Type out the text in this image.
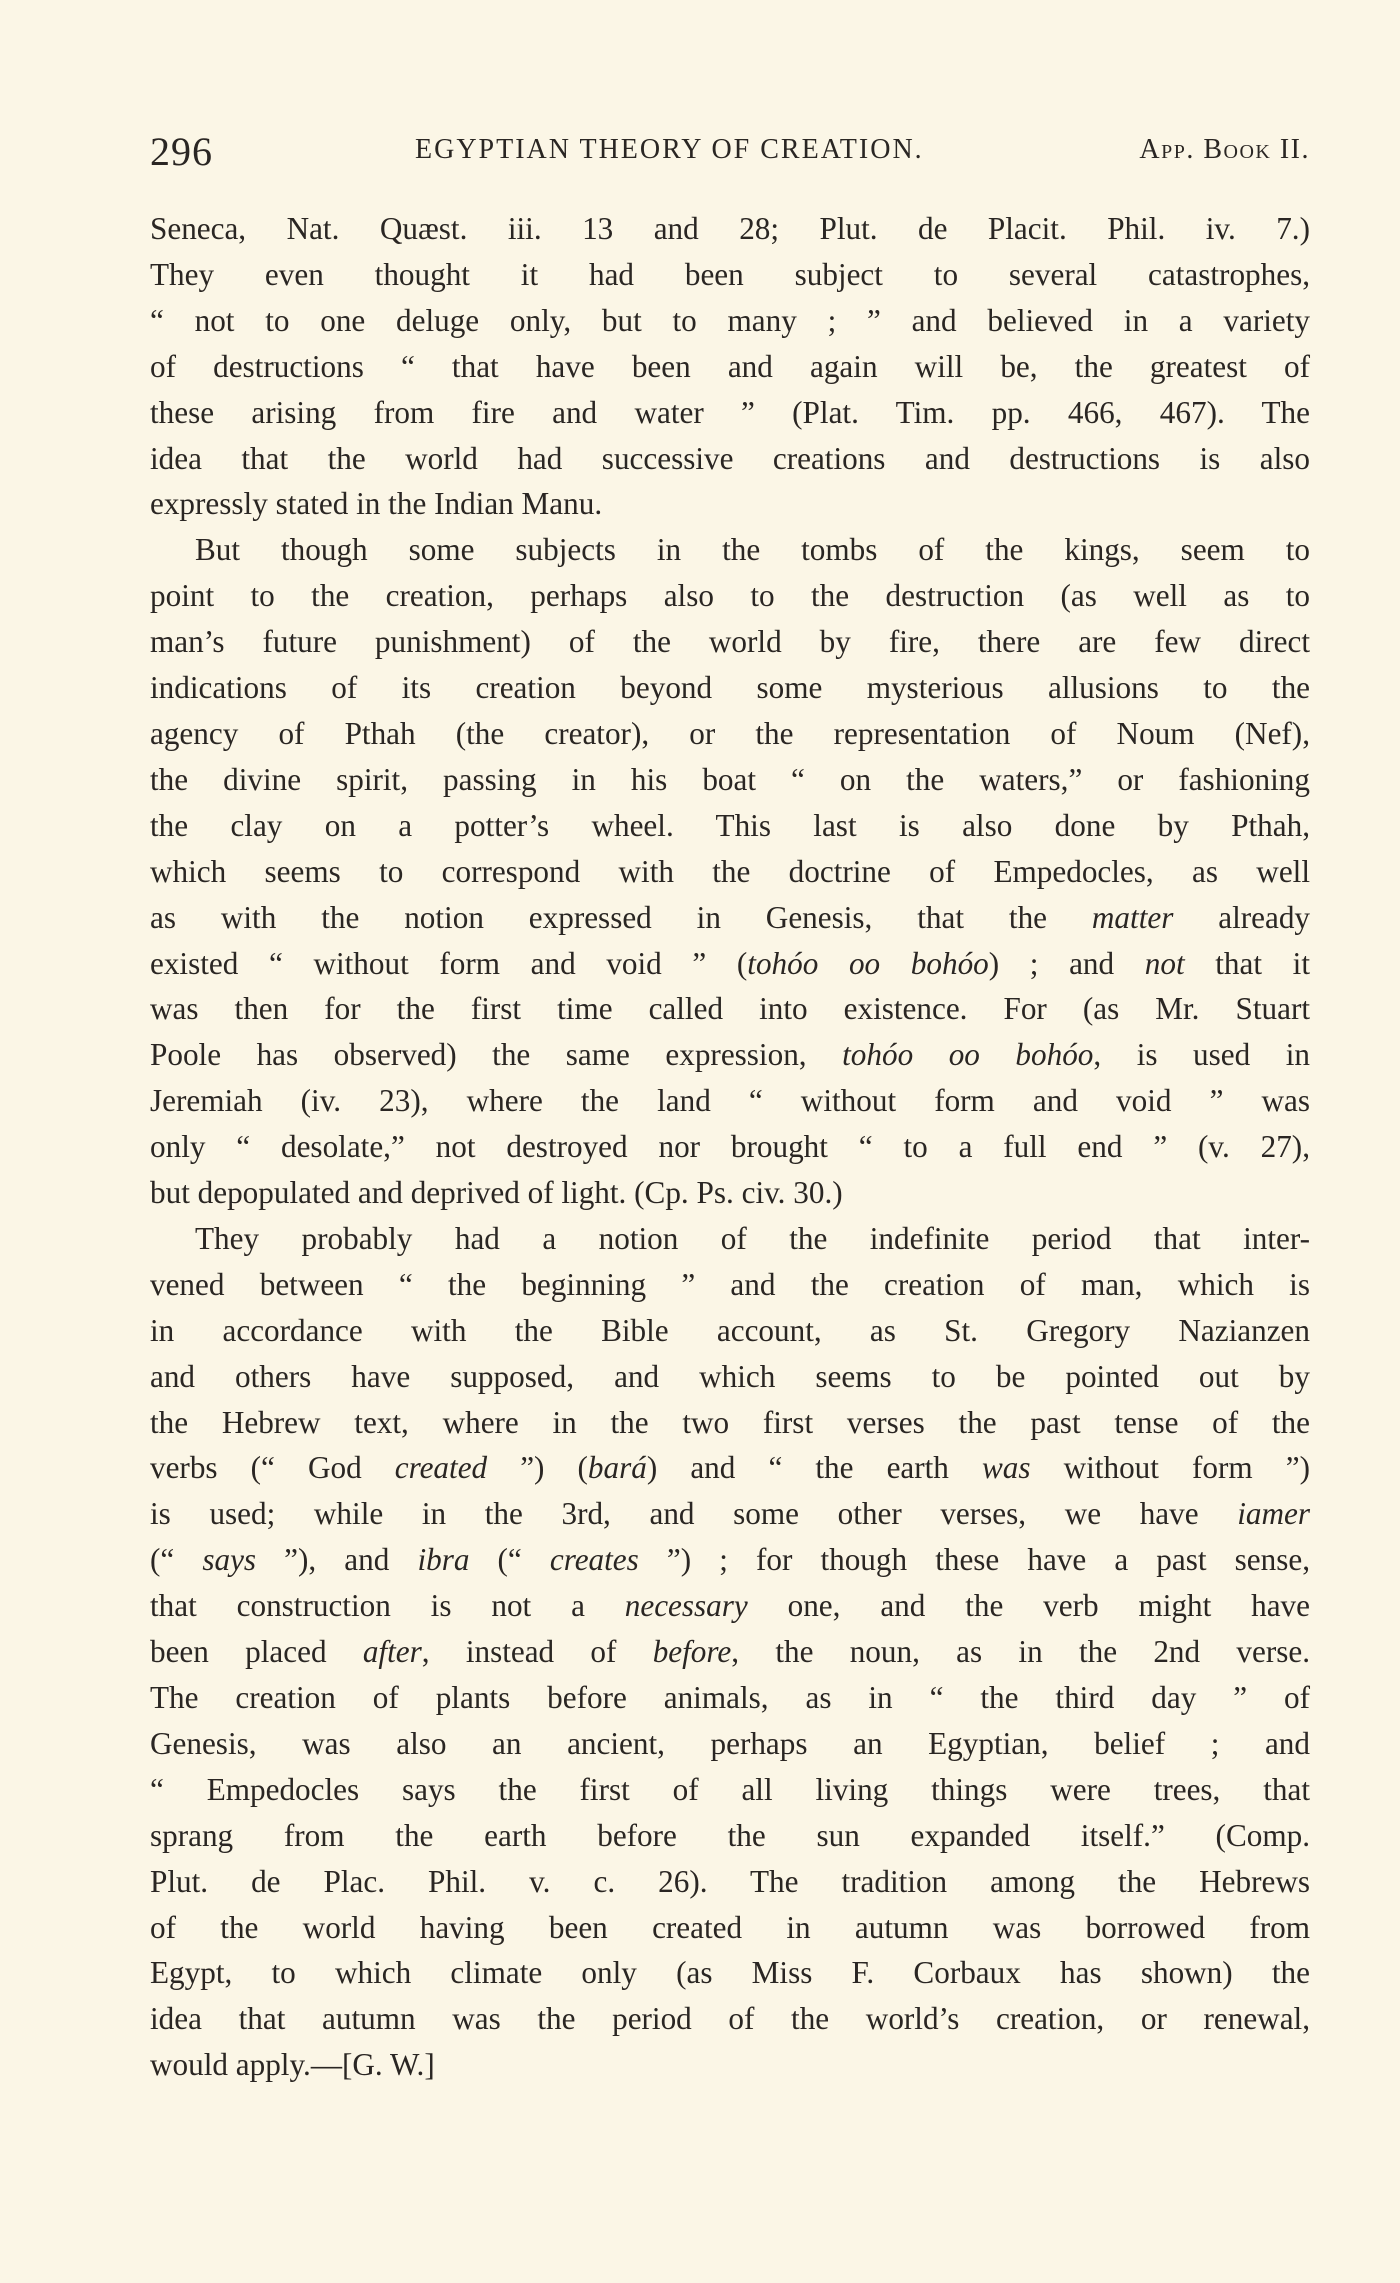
296	EGYPTIAN THEORY OF CREATION.	App. Book II.
Seneca, Nat. Quæst. iii. 13 and 28; Plut. de Placit. Phil. iv. 7.)
They even thought it had been subject to several catastrophes,
“ not to one deluge only, but to many ; ” and believed in a variety
of destructions “ that have been and again will be, the greatest of
these arising from fire and water ” (Plat. Tim. pp. 466, 467). The
idea that the world had successive creations and destructions is also
expressly stated in the Indian Manu.
But though some subjects in the tombs of the kings, seem to
point to the creation, perhaps also to the destruction (as well as to
man’s future punishment) of the world by fire, there are few direct
indications of its creation beyond some mysterious allusions to the
agency of Pthah (the creator), or the representation of Noum (Nef),
the divine spirit, passing in his boat “ on the waters,” or fashioning
the clay on a potter’s wheel. This last is also done by Pthah,
which seems to correspond with the doctrine of Empedocles, as well
as with the notion expressed in Genesis, that the matter already
existed “ without form and void ” (tohóo oo bohóo) ; and not that it
was then for the first time called into existence. For (as Mr. Stuart
Poole has observed) the same expression, tohóo oo bohóo, is used in
Jeremiah (iv. 23), where the land “ without form and void ” was
only “ desolate,” not destroyed nor brought “ to a full end ” (v. 27),
but depopulated and deprived of light. (Cp. Ps. civ. 30.)
They probably had a notion of the indefinite period that inter-
vened between “ the beginning ” and the creation of man, which is
in accordance with the Bible account, as St. Gregory Nazianzen
and others have supposed, and which seems to be pointed out by
the Hebrew text, where in the two first verses the past tense of the
verbs (“ God created ”) (bará) and “ the earth was without form ”)
is used; while in the 3rd, and some other verses, we have iamer
(“ says ”), and ibra (“ creates ”) ; for though these have a past sense,
that construction is not a necessary one, and the verb might have
been placed after, instead of before, the noun, as in the 2nd verse.
The creation of plants before animals, as in “ the third day ” of
Genesis, was also an ancient, perhaps an Egyptian, belief ; and
“ Empedocles says the first of all living things were trees, that
sprang from the earth before the sun expanded itself.” (Comp.
Plut. de Plac. Phil. v. c. 26). The tradition among the Hebrews
of the world having been created in autumn was borrowed from
Egypt, to which climate only (as Miss F. Corbaux has shown) the
idea that autumn was the period of the world’s creation, or renewal,
would apply.—[G. W.]
